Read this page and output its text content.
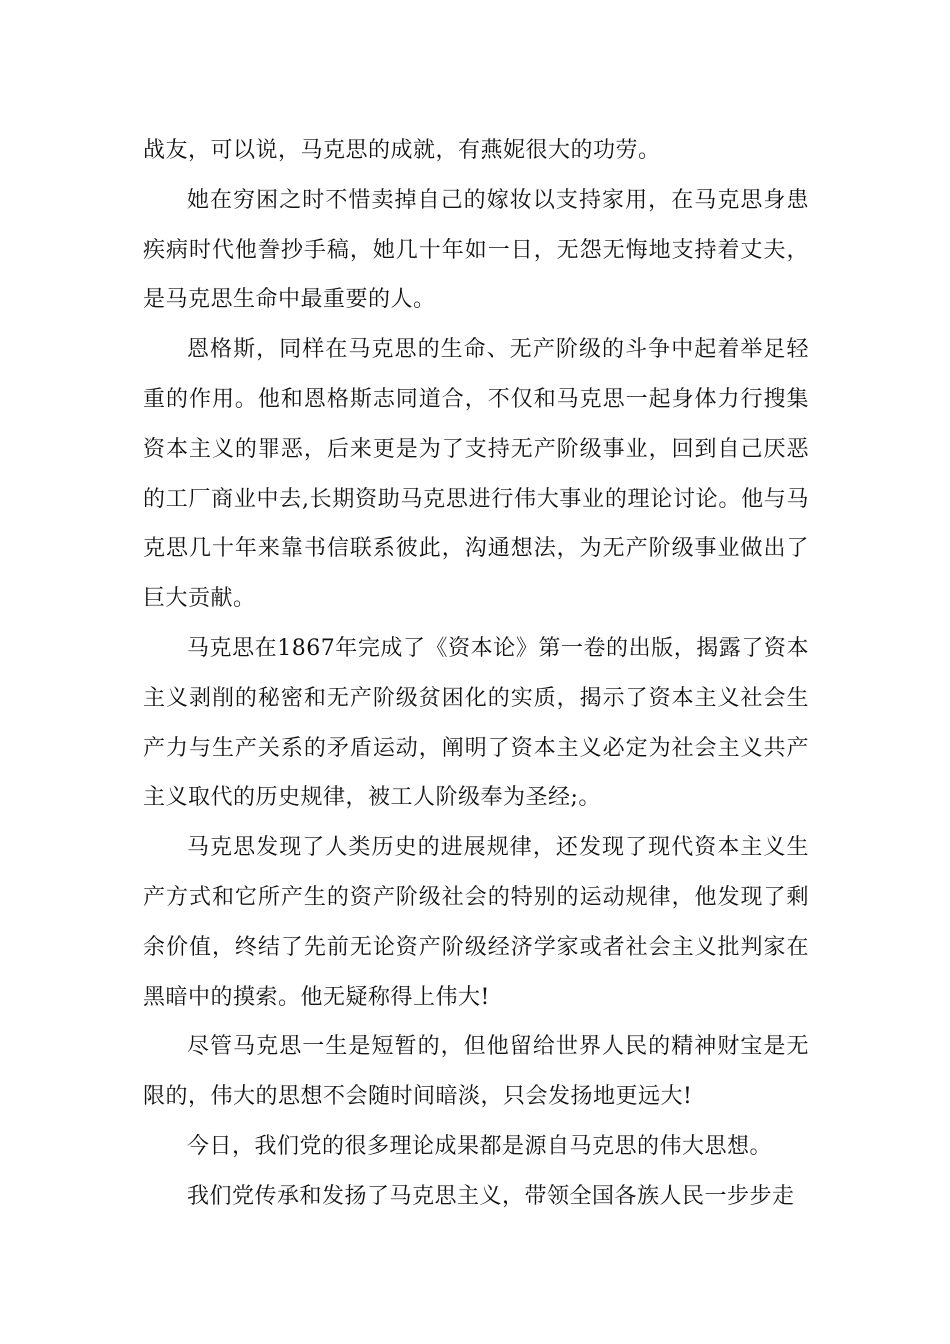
战友，可以说，马克思的成就，有燕妮很大的功劳。

她在穷困之时不惜卖掉自己的嫁妆以支持家用，在马克思身患疾病时代他誊抄手稿，她几十年如一日，无怨无悔地支持着丈夫，是马克思生命中最重要的人。

恩格斯，同样在马克思的生命、无产阶级的斗争中起着举足轻重的作用。他和恩格斯志同道合，不仅和马克思一起身体力行搜集资本主义的罪恶，后来更是为了支持无产阶级事业，回到自己厌恶的工厂商业中去,长期资助马克思进行伟大事业的理论讨论。他与马克思几十年来靠书信联系彼此，沟通想法，为无产阶级事业做出了巨大贡献。

马克思在1867年完成了《资本论》第一卷的出版，揭露了资本主义剥削的秘密和无产阶级贫困化的实质，揭示了资本主义社会生产力与生产关系的矛盾运动，阐明了资本主义必定为社会主义共产主义取代的历史规律，被工人阶级奉为圣经;。

马克思发现了人类历史的进展规律，还发现了现代资本主义生产方式和它所产生的资产阶级社会的特别的运动规律，他发现了剩余价值，终结了先前无论资产阶级经济学家或者社会主义批判家在黑暗中的摸索。他无疑称得上伟大!

尽管马克思一生是短暂的，但他留给世界人民的精神财宝是无限的，伟大的思想不会随时间暗淡，只会发扬地更远大!

今日，我们党的很多理论成果都是源自马克思的伟大思想。

我们党传承和发扬了马克思主义，带领全国各族人民一步步走
